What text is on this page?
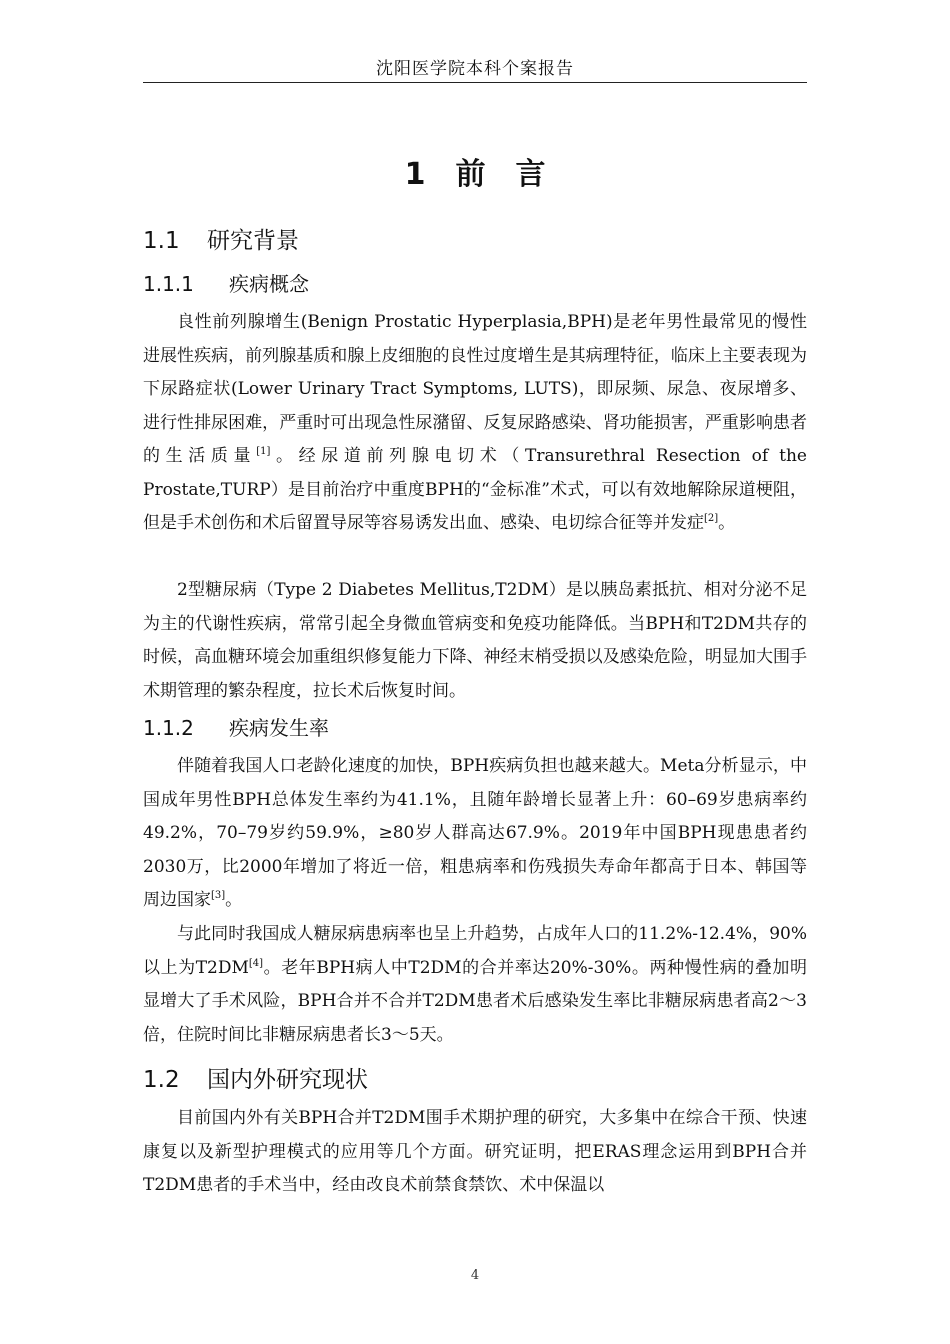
沈阳医学院本科个案报告
1 前 言
1.1 研究背景
1.1.1 疾病概念

良性前列腺增生(Benign Prostatic Hyperplasia,BPH)是老年男性最常见的慢性进展性疾病，前列腺基质和腺上皮细胞的良性过度增生是其病理特征，临床上主要表现为下尿路症状(Lower Urinary Tract Symptoms, LUTS)，即尿频、尿急、夜尿增多、进行性排尿困难，严重时可出现急性尿潴留、反复尿路感染、肾功能损害，严重影响患者的生活质量[1]。经尿道前列腺电切术（Transurethral Resection of the Prostate,TURP）是目前治疗中重度BPH的“金标准”术式，可以有效地解除尿道梗阻，但是手术创伤和术后留置导尿等容易诱发出血、感染、电切综合征等并发症[2]。

2型糖尿病（Type 2 Diabetes Mellitus,T2DM）是以胰岛素抵抗、相对分泌不足为主的代谢性疾病，常常引起全身微血管病变和免疫功能降低。当BPH和T2DM共存的时候，高血糖环境会加重组织修复能力下降、神经末梢受损以及感染危险，明显加大围手术期管理的繁杂程度，拉长术后恢复时间。

1.1.2 疾病发生率

伴随着我国人口老龄化速度的加快，BPH疾病负担也越来越大。Meta分析显示，中国成年男性BPH总体发生率约为41.1%，且随年龄增长显著上升：60–69岁患病率约49.2%，70–79岁约59.9%，≥80岁人群高达67.9%。2019年中国BPH现患患者约2030万，比2000年增加了将近一倍，粗患病率和伤残损失寿命年都高于日本、韩国等周边国家[3]。

与此同时我国成人糖尿病患病率也呈上升趋势，占成年人口的11.2%-12.4%，90%以上为T2DM[4]。老年BPH病人中T2DM的合并率达20%-30%。两种慢性病的叠加明显增大了手术风险，BPH合并不合并T2DM患者术后感染发生率比非糖尿病患者高2～3倍，住院时间比非糖尿病患者长3～5天。

1.2 国内外研究现状

目前国内外有关BPH合并T2DM围手术期护理的研究，大多集中在综合干预、快速康复以及新型护理模式的应用等几个方面。研究证明，把ERAS理念运用到BPH合并T2DM患者的手术当中，经由改良术前禁食禁饮、术中保温以

4
